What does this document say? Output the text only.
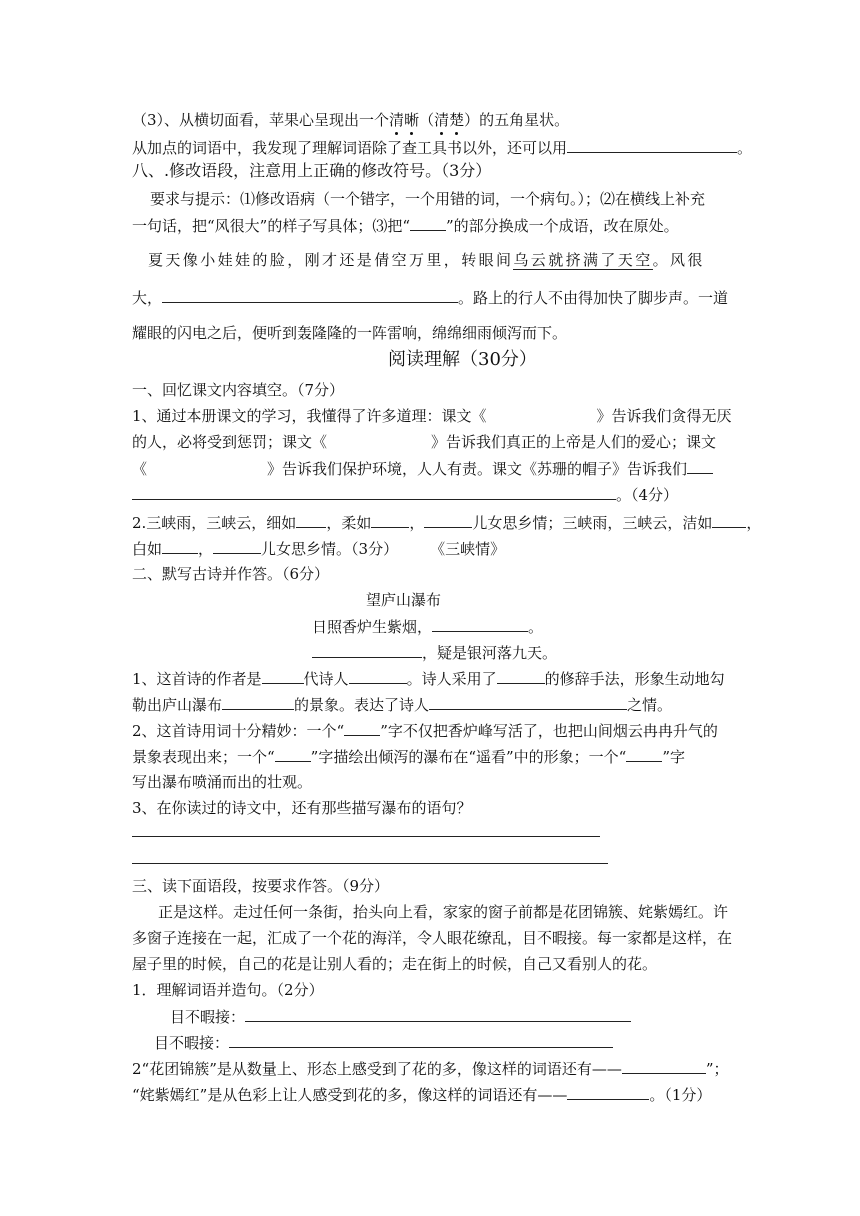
（3）、从横切面看，苹果心呈现出一个清晰（清楚）的五角星状。
从加点的词语中，我发现了理解词语除了查工具书以外，还可以用	。
八、.修改语段，注意用上正确的修改符号。（3分）
要求与提示：⑴修改语病（一个错字，一个用错的词，一个病句。）；⑵在横线上补充
一句话，把“风很大”的样子写具体；⑶把“ ”的部分换成一个成语，改在原处。
夏天像小娃娃的脸，刚才还是倩空万里，转眼间乌云就挤满了天空。风很
大，	。路上的行人不由得加快了脚步声。一道
耀眼的闪电之后，便听到轰隆隆的一阵雷响，绵绵细雨倾泻而下。
阅读理解（30分）
一、回忆课文内容填空。（7分）
1、通过本册课文的学习，我懂得了许多道理：课文《	》告诉我们贪得无厌
的人，必将受到惩罚；课文《	》告诉我们真正的上帝是人们的爱心；课文
《	》告诉我们保护环境，人人有责。课文《苏珊的帽子》告诉我们
。（4分）
2.三峡雨，三峡云，细如 ，柔如	，	儿女思乡情；三峡雨，三峡云，洁如 ，
白如 ，	儿女思乡情。（3分） 《三峡情》
二、默写古诗并作答。（6分）
望庐山瀑布
日照香炉生紫烟，	。
，疑是银河落九天。
1、这首诗的作者是	代诗人	。诗人采用了	的修辞手法，形象生动地勾
勒出庐山瀑布	的景象。表达了诗人	之情。
2、这首诗用词十分精妙：一个“ ”字不仅把香炉峰写活了，也把山间烟云冉冉升气的
景象表现出来；一个“ ”字描绘出倾泻的瀑布在“遥看”中的形象；一个“ ”字
写出瀑布喷涌而出的壮观。
3、在你读过的诗文中，还有那些描写瀑布的语句？
三、读下面语段，按要求作答。（9分）
正是这样。走过任何一条街，抬头向上看，家家的窗子前都是花团锦簇、姹紫嫣红。许
多窗子连接在一起，汇成了一个花的海洋，令人眼花缭乱，目不暇接。每一家都是这样，在
屋子里的时候，自己的花是让别人看的；走在街上的时候，自己又看别人的花。
1．理解词语并造句。（2分）
目不暇接：
目不暇接：
2“花团锦簇”是从数量上、形态上感受到了花的多，像这样的词语还有——	”；
“姹紫嫣红”是从色彩上让人感受到花的多，像这样的词语还有——	。（1分）
